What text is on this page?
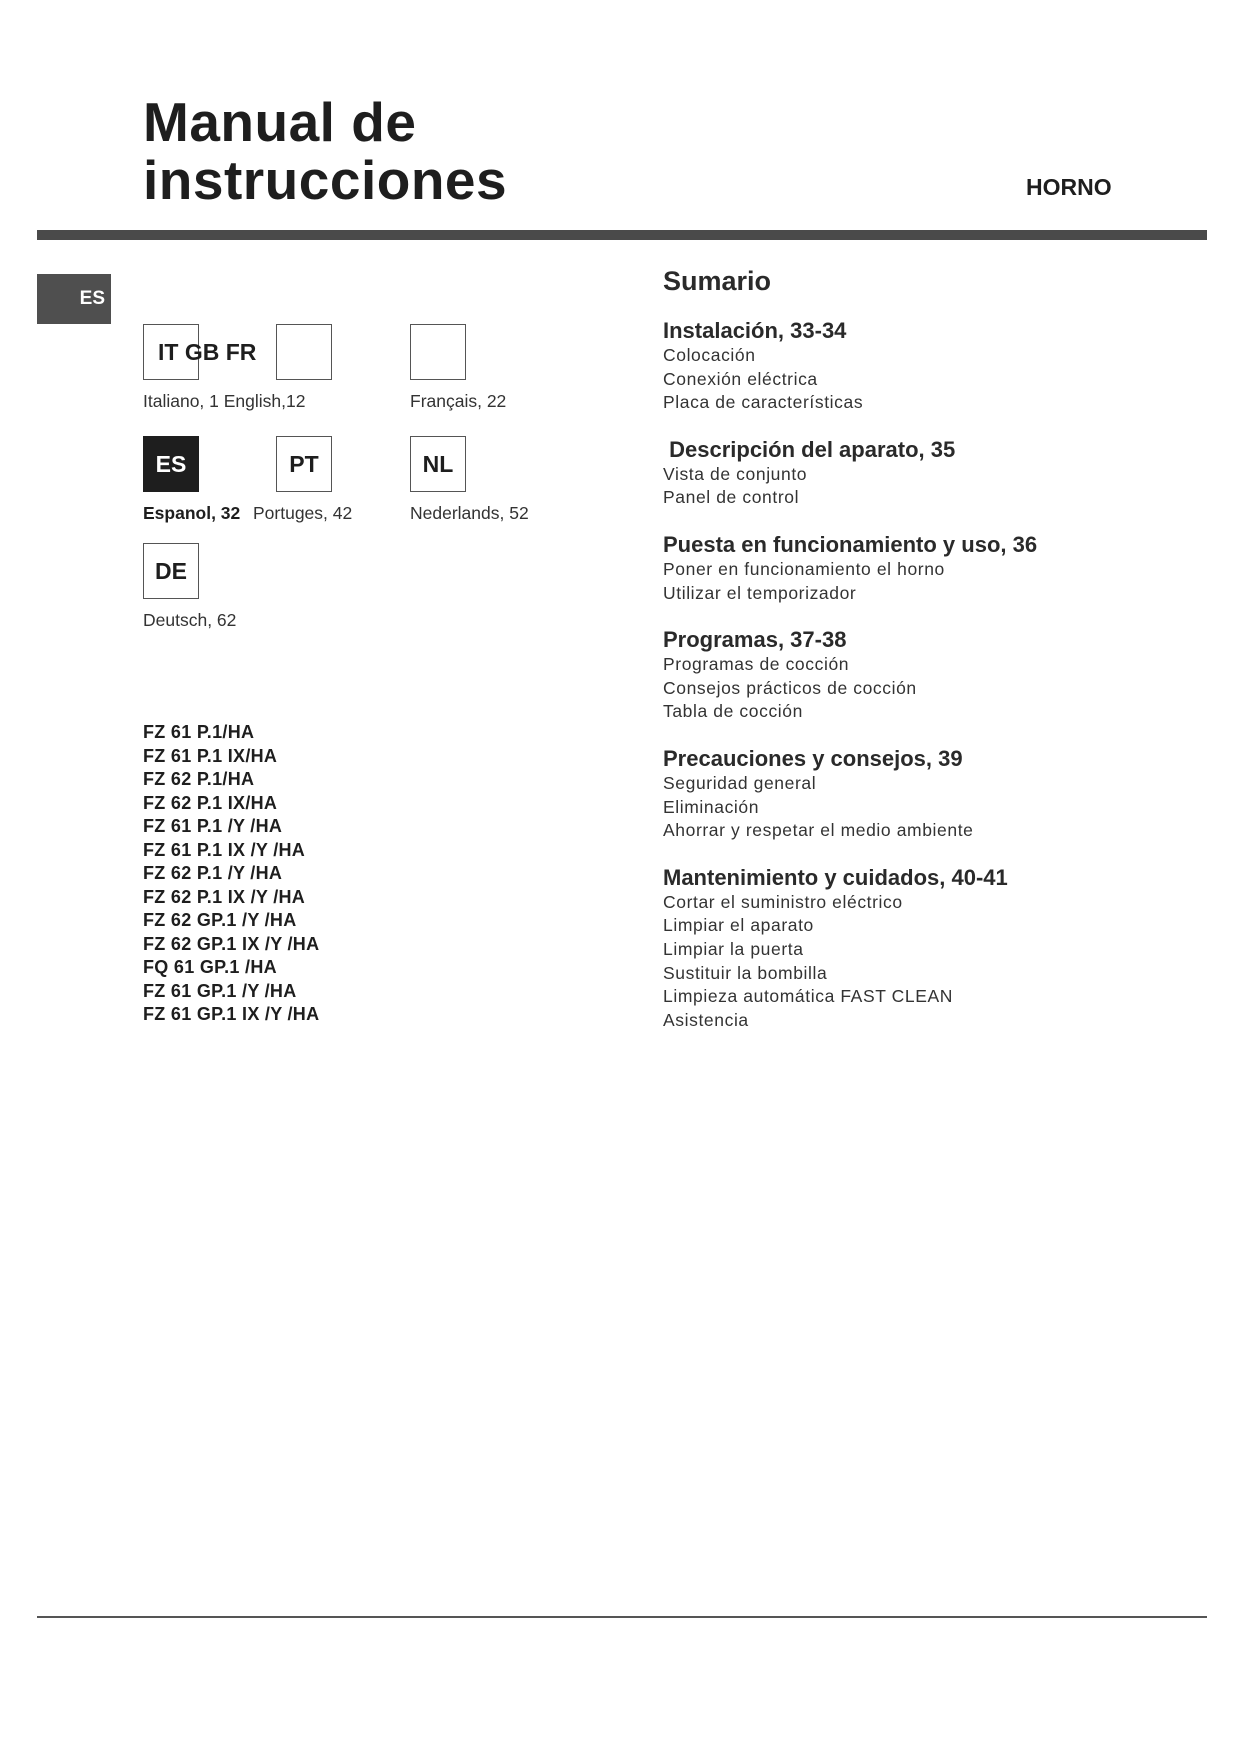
Manual de
instrucciones	HORNO
ES
IT GB FR
Italiano, 1 English,12	Français, 22
ES	PT	NL
Espanol, 32 Portuges, 42	Nederlands, 52
DE
Deutsch, 62
FZ 61 P.1/HA
FZ 61 P.1 IX/HA
FZ 62 P.1/HA
FZ 62 P.1 IX/HA
FZ 61 P.1 /Y /HA
FZ 61 P.1 IX /Y /HA
FZ 62 P.1 /Y /HA
FZ 62 P.1 IX /Y /HA
FZ 62 GP.1 /Y /HA
FZ 62 GP.1 IX /Y /HA
FQ 61 GP.1 /HA
FZ 61 GP.1 /Y /HA
FZ 61 GP.1 IX /Y /HA
Sumario
Instalación, 33-34
Colocación
Conexión eléctrica
Placa de características
Descripción del aparato, 35
Vista de conjunto
Panel de control
Puesta en funcionamiento y uso, 36
Poner en funcionamiento el horno
Utilizar el temporizador
Programas, 37-38
Programas de cocción
Consejos prácticos de cocción
Tabla de cocción
Precauciones y consejos, 39
Seguridad general
Eliminación
Ahorrar y respetar el medio ambiente
Mantenimiento y cuidados, 40-41
Cortar el suministro eléctrico
Limpiar el aparato
Limpiar la puerta
Sustituir la bombilla
Limpieza automática FAST CLEAN
Asistencia
